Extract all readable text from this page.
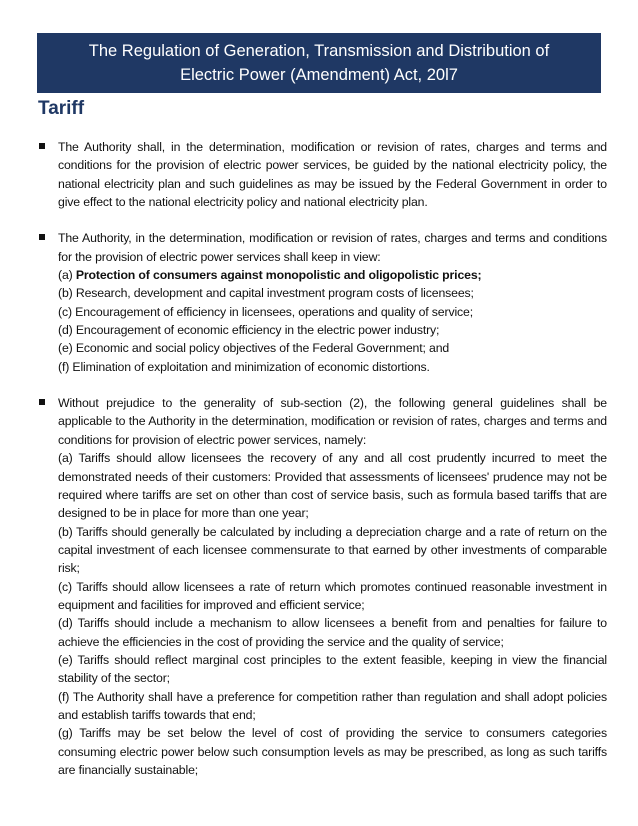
The Regulation of Generation, Transmission and Distribution of
Electric Power (Amendment) Act, 20l7
Tariff
The Authority shall, in the determination, modification or revision of rates, charges and terms and conditions for the provision of electric power services, be guided by the national electricity policy, the national electricity plan and such guidelines as may be issued by the Federal Government in order to give effect to the national electricity policy and national electricity plan.
The Authority, in the determination, modification or revision of rates, charges and terms and conditions for the provision of electric power services shall keep in view:
(a) Protection of consumers against monopolistic and oligopolistic prices;
(b) Research, development and capital investment program costs of licensees;
(c) Encouragement of efficiency in licensees, operations and quality of service;
(d) Encouragement of economic efficiency in the electric power industry;
(e) Economic and social policy objectives of the Federal Government; and
(f) Elimination of exploitation and minimization of economic distortions.
Without prejudice to the generality of sub-section (2), the following general guidelines shall be applicable to the Authority in the determination, modification or revision of rates, charges and terms and conditions for provision of electric power services, namely:
(a) Tariffs should allow licensees the recovery of any and all cost prudently incurred to meet the demonstrated needs of their customers: Provided that assessments of licensees' prudence may not be required where tariffs are set on other than cost of service basis, such as formula based tariffs that are designed to be in place for more than one year;
(b) Tariffs should generally be calculated by including a depreciation charge and a rate of return on the capital investment of each licensee commensurate to that earned by other investments of comparable risk;
(c) Tariffs should allow licensees a rate of return which promotes continued reasonable investment in equipment and facilities for improved and efficient service;
(d) Tariffs should include a mechanism to allow licensees a benefit from and penalties for failure to achieve the efficiencies in the cost of providing the service and the quality of service;
(e) Tariffs should reflect marginal cost principles to the extent feasible, keeping in view the financial stability of the sector;
(f) The Authority shall have a preference for competition rather than regulation and shall adopt policies and establish tariffs towards that end;
(g) Tariffs may be set below the level of cost of providing the service to consumers categories consuming electric power below such consumption levels as may be prescribed, as long as such tariffs are financially sustainable;
